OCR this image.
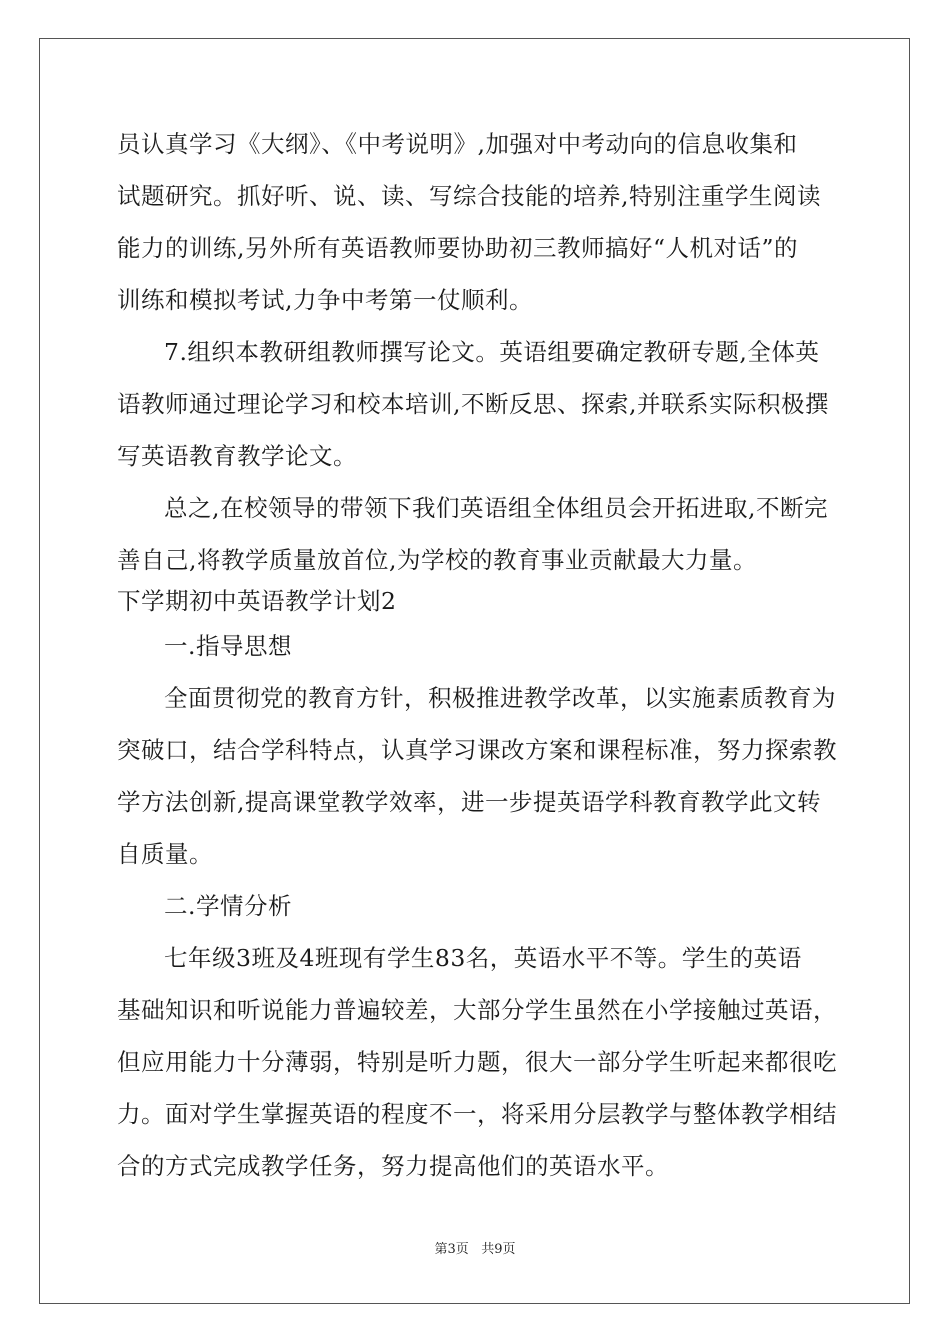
员认真学习《大纲》、《中考说明》,加强对中考动向的信息收集和
试题研究。抓好听、说、读、写综合技能的培养,特别注重学生阅读
能力的训练,另外所有英语教师要协助初三教师搞好“人机对话”的
训练和模拟考试,力争中考第一仗顺利。
7.组织本教研组教师撰写论文。英语组要确定教研专题,全体英
语教师通过理论学习和校本培训,不断反思、探索,并联系实际积极撰
写英语教育教学论文。
总之,在校领导的带领下我们英语组全体组员会开拓进取,不断完
善自己,将教学质量放首位,为学校的教育事业贡献最大力量。
下学期初中英语教学计划2
一.指导思想
全面贯彻党的教育方针，积极推进教学改革，以实施素质教育为
突破口，结合学科特点，认真学习课改方案和课程标准，努力探索教
学方法创新,提高课堂教学效率，进一步提英语学科教育教学此文转
自质量。
二.学情分析
七年级3班及4班现有学生83名，英语水平不等。学生的英语
基础知识和听说能力普遍较差，大部分学生虽然在小学接触过英语，
但应用能力十分薄弱，特别是听力题，很大一部分学生听起来都很吃
力。面对学生掌握英语的程度不一，将采用分层教学与整体教学相结
合的方式完成教学任务，努力提高他们的英语水平。
第3页 共9页
